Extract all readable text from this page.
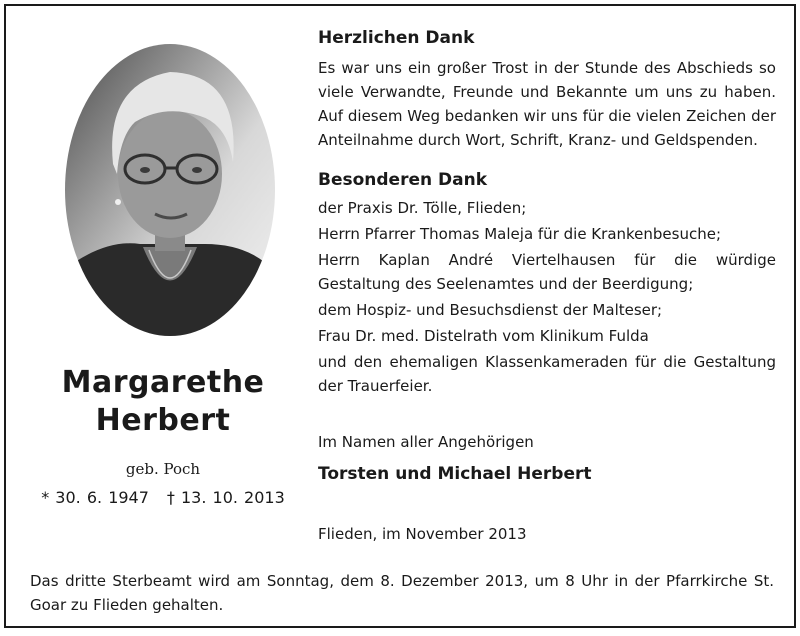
Margarethe
Herbert
geb. Poch
* 30. 6. 1947 † 13. 10. 2013
Herzlichen Dank
Es war uns ein großer Trost in der Stunde des Abschieds so viele Verwandte, Freunde und Bekannte um uns zu haben. Auf diesem Weg bedanken wir uns für die vielen Zeichen der Anteilnahme durch Wort, Schrift, Kranz- und Geldspenden.
Besonderen Dank
der Praxis Dr. Tölle, Flieden;
Herrn Pfarrer Thomas Maleja für die Krankenbesuche;
Herrn Kaplan André Viertelhausen für die würdige Gestaltung des Seelenamtes und der Beerdigung;
dem Hospiz- und Besuchsdienst der Malteser;
Frau Dr. med. Distelrath vom Klinikum Fulda
und den ehemaligen Klassenkameraden für die Gestaltung der Trauerfeier.
Im Namen aller Angehörigen
Torsten und Michael Herbert
Flieden, im November 2013
Das dritte Sterbeamt wird am Sonntag, dem 8. Dezember 2013, um 8 Uhr in der Pfarrkirche St. Goar zu Flieden gehalten.
